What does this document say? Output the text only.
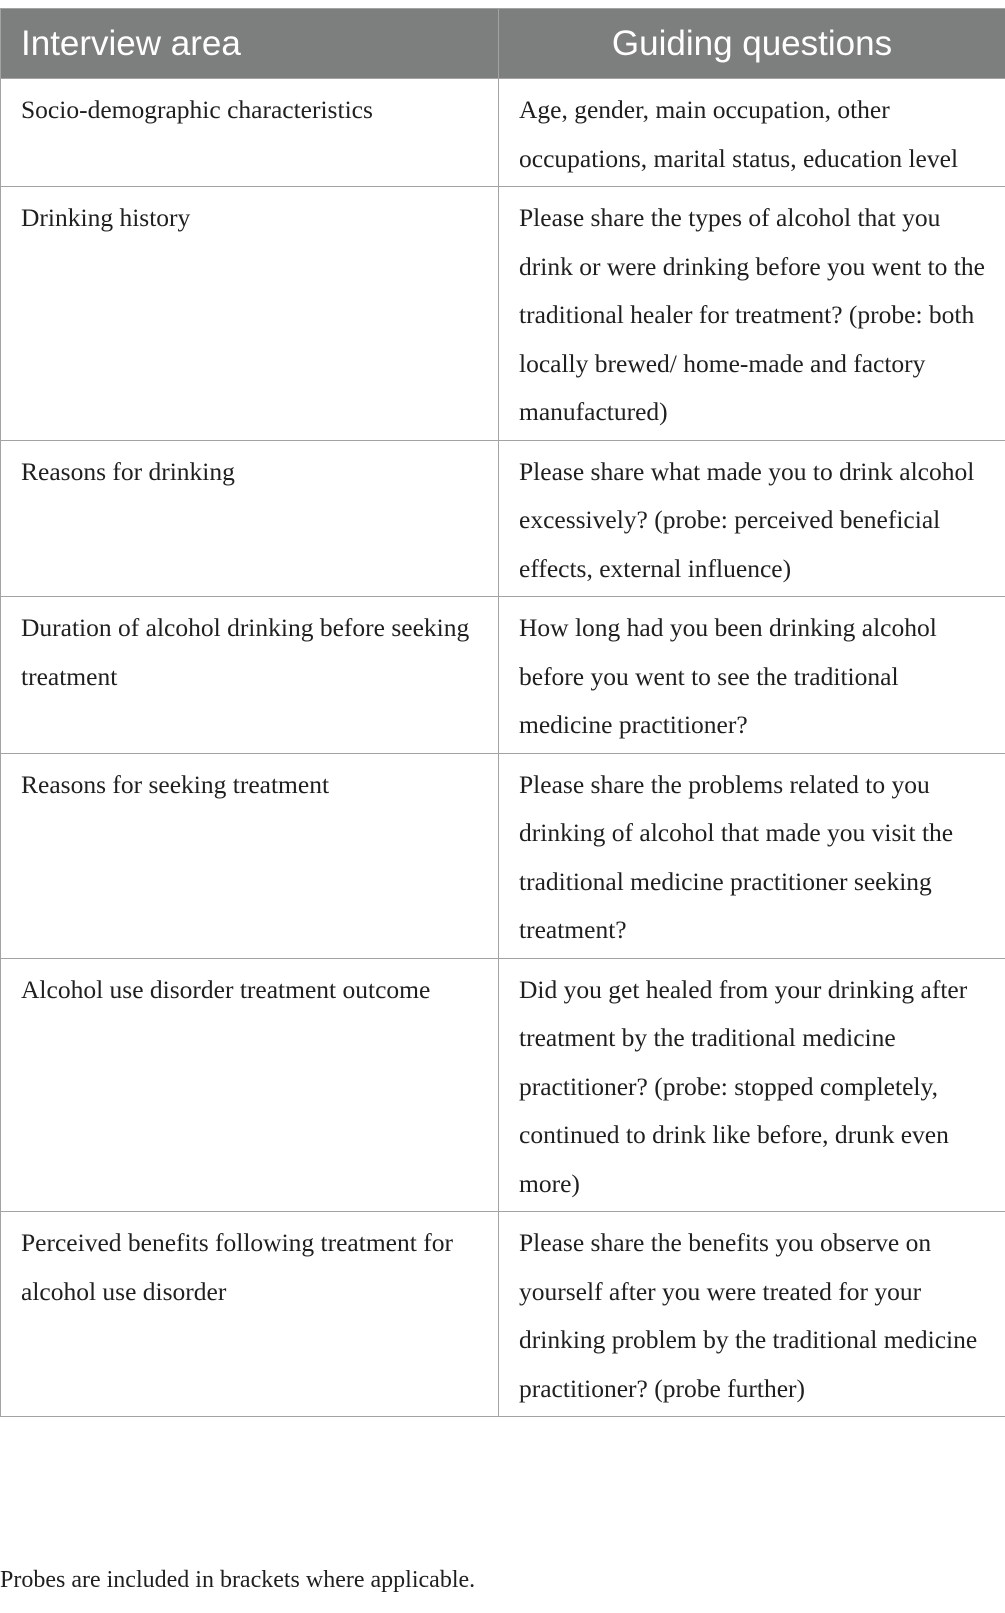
Interview area	Guiding questions
Socio-demographic characteristics	Age, gender, main occupation, other occupations, marital status, education level
Drinking history	Please share the types of alcohol that you drink or were drinking before you went to the traditional healer for treatment? (probe: both locally brewed/ home-made and factory manufactured)
Reasons for drinking	Please share what made you to drink alcohol excessively? (probe: perceived beneficial effects, external influence)
Duration of alcohol drinking before seeking treatment	How long had you been drinking alcohol before you went to see the traditional medicine practitioner?
Reasons for seeking treatment	Please share the problems related to you drinking of alcohol that made you visit the traditional medicine practitioner seeking treatment?
Alcohol use disorder treatment outcome	Did you get healed from your drinking after treatment by the traditional medicine practitioner? (probe: stopped completely, continued to drink like before, drunk even more)
Perceived benefits following treatment for alcohol use disorder	Please share the benefits you observe on yourself after you were treated for your drinking problem by the traditional medicine practitioner? (probe further)
Probes are included in brackets where applicable.
